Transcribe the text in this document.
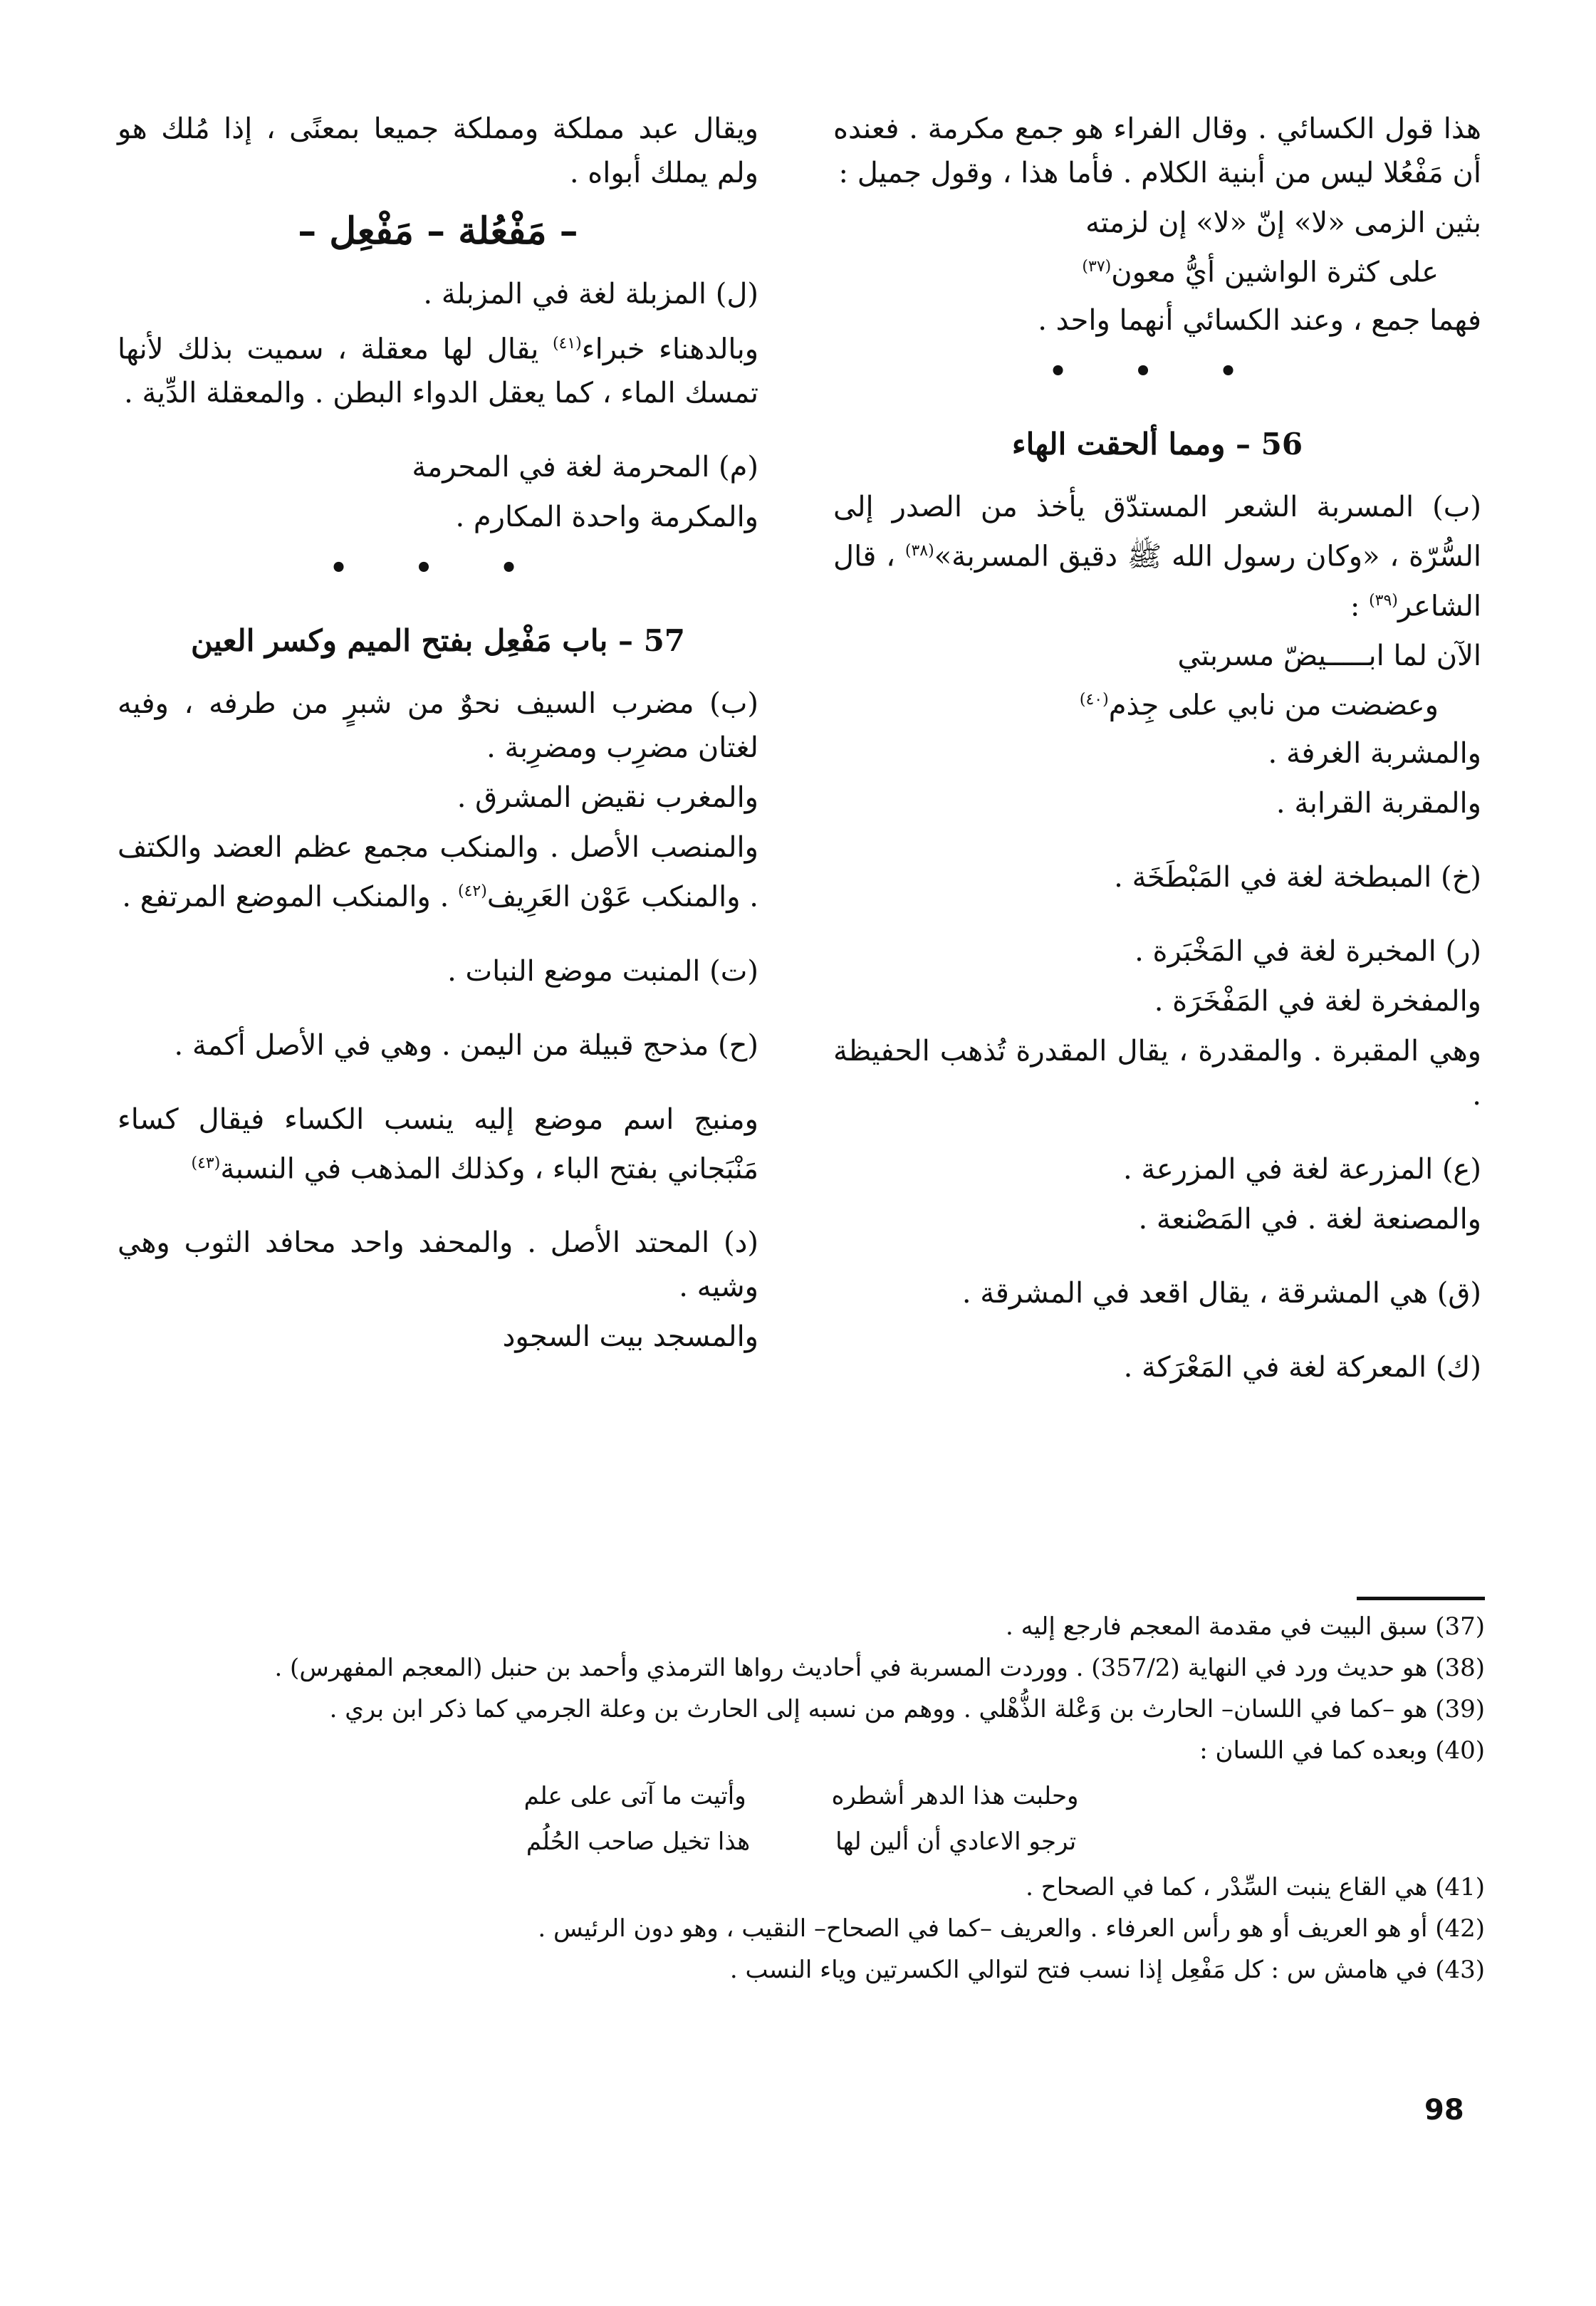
هذا قول الكسائي . وقال الفراء هو جمع مكرمة . فعنده أن مَفْعُلا ليس من أبنية الكلام . فأما هذا ، وقول جميل :

بثين الزمى «لا» إنّ «لا» إن لزمته
على كثرة الواشين أيُّ معون$^{(٣٧)}$

فهما جمع ، وعند الكسائي أنهما واحد .

• • •
56 – ومما ألحقت الهاء

(ب) المسربة الشعر المستدّق يأخذ من الصدر إلى السُّرّة ، «وكان رسول الله ﷺ دقيق المسربة»$^{(٣٨)}$ ، قال الشاعر$^{(٣٩)}$ :

الآن لما ابـــــيضّ مسربتي
وعضضت من نابي على جِذم$^{(٤٠)}$

والمشربة الغرفة .

والمقربة القرابة .

(خ) المبطخة لغة في المَبْطَخَة .

(ر) المخبرة لغة في المَخْبَرة .

والمفخرة لغة في المَفْخَرَة .

وهي المقبرة . والمقدرة ، يقال المقدرة تُذهب الحفيظة .

(ع) المزرعة لغة في المزرعة .

والمصنعة لغة . في المَصْنعة .

(ق) هي المشرقة ، يقال اقعد في المشرقة .

(ك) المعركة لغة في المَعْرَكة .

ويقال عبد مملكة ومملكة جميعا بمعنًى ، إذا مُلك هو ولم يملك أبواه .

– مَفْعُلة – مَفْعِل –

(ل) المزبلة لغة في المزبلة .

وبالدهناء خبراء$^{(٤١)}$ يقال لها معقلة ، سميت بذلك لأنها تمسك الماء ، كما يعقل الدواء البطن . والمعقلة الدِّية .

(م) المحرمة لغة في المحرمة

والمكرمة واحدة المكارم .

• • •
57 – باب مَفْعِل بفتح الميم وكسر العين

(ب) مضرب السيف نحوٌ من شبرٍ من طرفه ، وفيه لغتان مضرِب ومضرِبة .

والمغرب نقيض المشرق .

والمنصب الأصل . والمنكب مجمع عظم العضد والكتف . والمنكب عَوْن العَرِيف$^{(٤٢)}$ . والمنكب الموضع المرتفع .

(ت) المنبت موضع النبات .

(ح) مذحج قبيلة من اليمن . وهي في الأصل أكمة .

ومنبج اسم موضع إليه ينسب الكساء فيقال كساء مَنْبَجاني بفتح الباء ، وكذلك المذهب في النسبة$^{(٤٣)}$

(د) المحتد الأصل . والمحفد واحد محافد الثوب وهي وشيه .

والمسجد بيت السجود

(37) سبق البيت في مقدمة المعجم فارجع إليه .

(38) هو حديث ورد في النهاية (357/2) . ووردت المسربة في أحاديث رواها الترمذي وأحمد بن حنبل (المعجم المفهرس) .

(39) هو –كما في اللسان– الحارث بن وَعْلة الذُّهْلي . ووهم من نسبه إلى الحارث بن وعلة الجرمي كما ذكر ابن بري .

(40) وبعده كما في اللسان :

وحلبت هذا الدهر أشطره
وأتيت ما آتى على علم
ترجو الاعادي أن ألين لها
هذا تخيل صاحب الحُلُم

(41) هي القاع ينبت السِّدْر ، كما في الصحاح .

(42) أو هو العريف أو هو رأس العرفاء . والعريف –كما في الصحاح– النقيب ، وهو دون الرئيس .

(43) في هامش س : كل مَفْعِل إذا نسب فتح لتوالي الكسرتين وياء النسب .

98
